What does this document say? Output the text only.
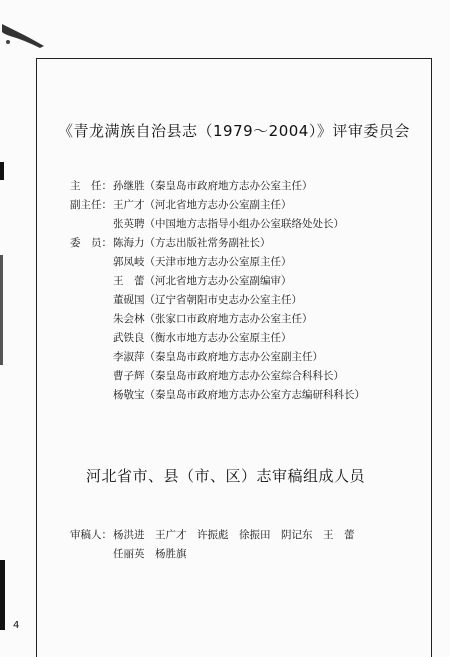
《青龙满族自治县志（1979～2004）》评审委员会
主　任： 孙继胜（秦皇岛市政府地方志办公室主任）
副主任： 王广才（河北省地方志办公室副主任）
张英聘（中国地方志指导小组办公室联络处处长）
委　员： 陈海力（方志出版社常务副社长）
郭凤岐（天津市地方志办公室原主任）
王　蕾（河北省地方志办公室副编审）
董砚国（辽宁省朝阳市史志办公室主任）
朱会林（张家口市政府地方志办公室主任）
武铁良（衡水市地方志办公室原主任）
李淑萍（秦皇岛市政府地方志办公室副主任）
曹子辉（秦皇岛市政府地方志办公室综合科科长）
杨敬宝（秦皇岛市政府地方志办公室方志编研科科长）
河北省市、县（市、区）志审稿组成人员
审稿人： 杨洪进　王广才　许振彪　徐振田　阴记东　王　蕾
任丽英　杨胜旗
4
